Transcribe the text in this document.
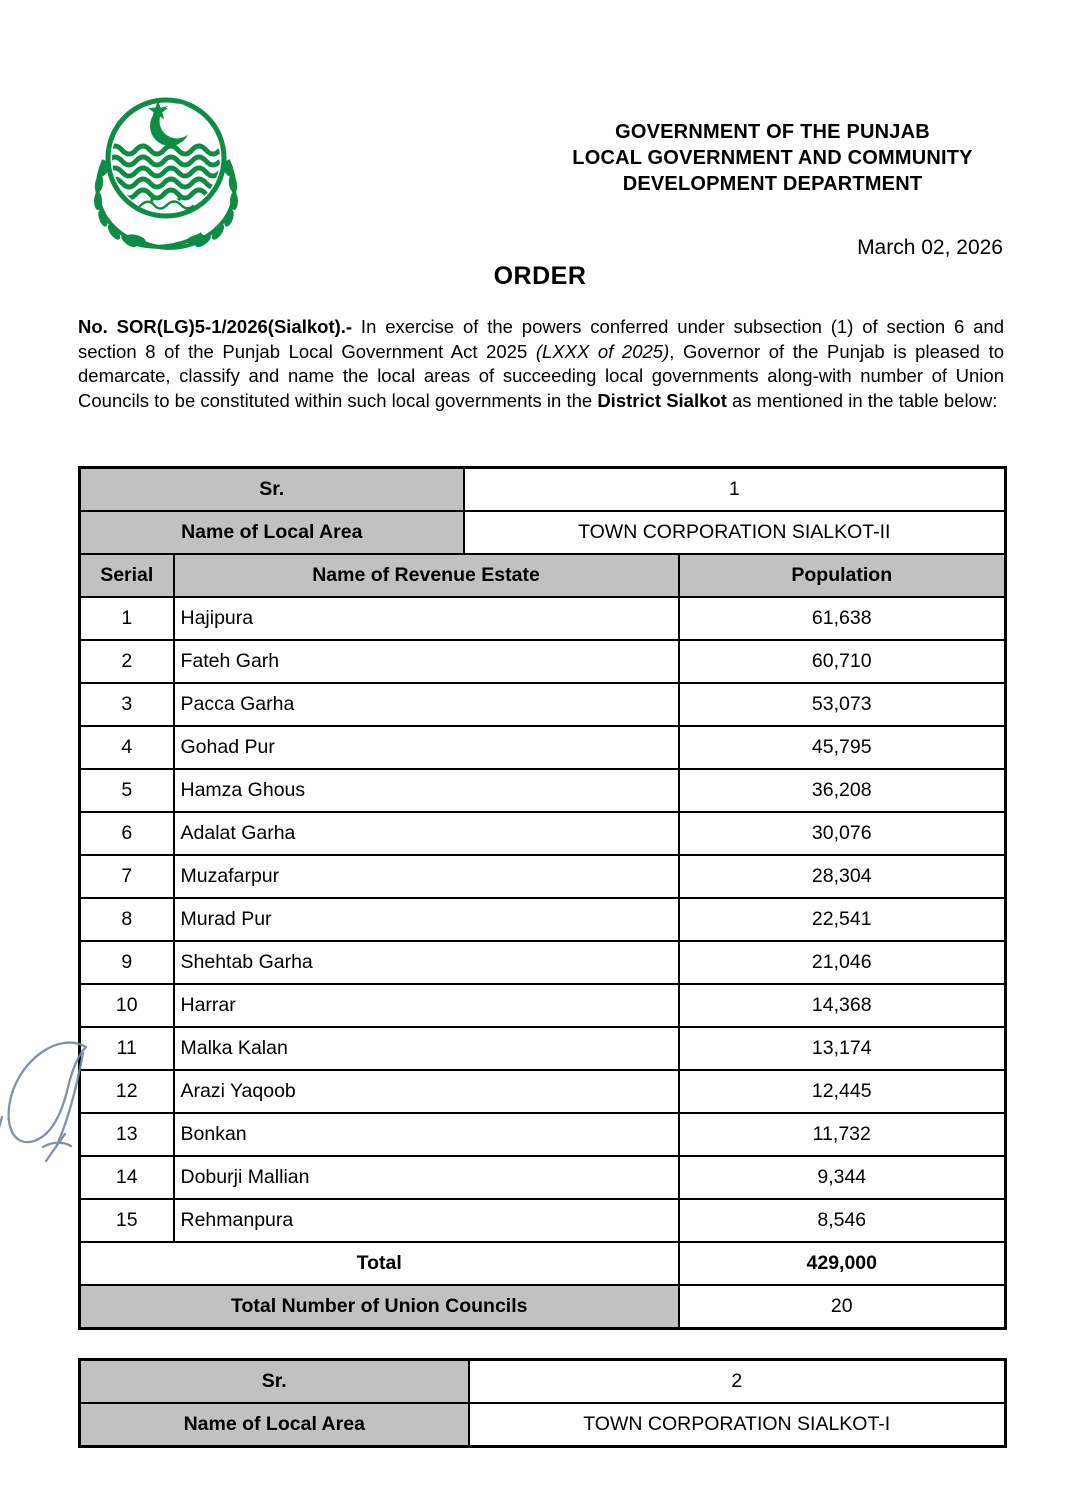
GOVERNMENT OF THE PUNJAB
LOCAL GOVERNMENT AND COMMUNITY
DEVELOPMENT DEPARTMENT
March 02, 2026
ORDER
No. SOR(LG)5-1/2026(Sialkot).- In exercise of the powers conferred under subsection (1) of section 6 and section 8 of the Punjab Local Government Act 2025 (LXXX of 2025), Governor of the Punjab is pleased to demarcate, classify and name the local areas of succeeding local governments along-with number of Union Councils to be constituted within such local governments in the District Sialkot as mentioned in the table below:
Sr.		1	
Name of Local Area		TOWN CORPORATION SIALKOT-II	
Serial	Name of Revenue Estate		Population
1	Hajipura		61,638
2	Fateh Garh		60,710
3	Pacca Garha		53,073
4	Gohad Pur		45,795
5	Hamza Ghous		36,208
6	Adalat Garha		30,076
7	Muzafarpur		28,304
8	Murad Pur		22,541
9	Shehtab Garha		21,046
10	Harrar		14,368
11	Malka Kalan		13,174
12	Arazi Yaqoob		12,445
13	Bonkan		11,732
14	Doburji Mallian		9,344
15	Rehmanpura		8,546
Total			429,000
Total Number of Union Councils			20
Sr.	2
Name of Local Area	TOWN CORPORATION SIALKOT-I
